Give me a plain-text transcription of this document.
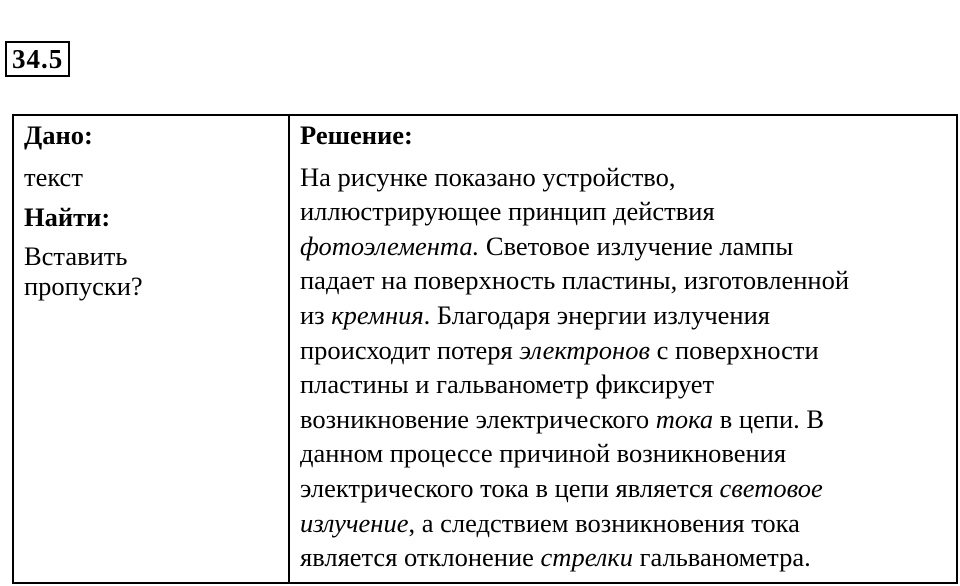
34.5
Дано:
текст
Найти:
Вставить
пропуски?

Решение:
На рисунке показано устройство,
иллюстрирующее принцип действия
фотоэлемента. Световое излучение лампы
падает на поверхность пластины, изготовленной
из кремния. Благодаря энергии излучения
происходит потеря электронов с поверхности
пластины и гальванометр фиксирует
возникновение электрического тока в цепи. В
данном процессе причиной возникновения
электрического тока в цепи является световое
излучение, а следствием возникновения тока
является отклонение стрелки гальванометра.
